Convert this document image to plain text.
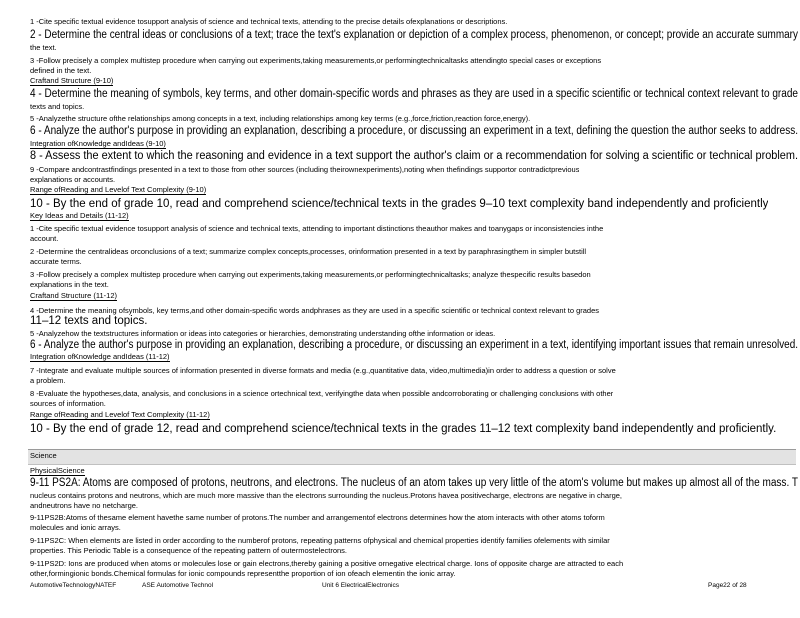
1 -Cite specific textual evidence tosupport analysis of science and technical texts, attending to the precise details ofexplanations or descriptions.
2 - Determine the central ideas or conclusions of a text; trace the text's explanation or depiction of a complex process, phenomenon, or concept; provide an accurate summary
the text.
3 -Follow precisely a complex multistep procedure when carrying out experiments,taking measurements,or performingtechnicaltasks attendingto special cases or exceptions
defined in the text.
Craftand Structure (9-10)
4 - Determine the meaning of symbols, key terms, and other domain-specific words and phrases as they are used in a specific scientific or technical context relevant to grade
texts and topics.
5 -Analyzethe structure ofthe relationships among concepts in a text, including relationships among key terms (e.g.,force,friction,reaction force,energy).
6 - Analyze the author's purpose in providing an explanation, describing a procedure, or discussing an experiment in a text, defining the question the author seeks to address.
Integration ofKnowledge andIdeas (9-10)
8 - Assess the extent to which the reasoning and evidence in a text support the author's claim or a recommendation for solving a scientific or technical problem.
9 -Compare andcontrastfindings presented in a text to those from other sources (including theirownexperiments),noting when thefindings supportor contradictprevious
explanations or accounts.
Range ofReading and Levelof Text Complexity (9-10)
10 - By the end of grade 10, read and comprehend science/technical texts in the grades 9–10 text complexity band independently and proficiently
Key Ideas and Details (11-12)
1 -Cite specific textual evidence tosupport analysis of science and technical texts, attending to important distinctions theauthor makes and toanygaps or inconsistencies inthe
account.
2 -Determine the centralideas orconclusions of a text; summarize complex concepts,processes, orinformation presented in a text by paraphrasingthem in simpler butstill
accurate terms.
3 -Follow precisely a complex multistep procedure when carrying out experiments,taking measurements,or performingtechnicaltasks; analyze thespecific results basedon
explanations in the text.
Craftand Structure (11-12)
4 -Determine the meaning ofsymbols, key terms,and other domain-specific words andphrases as they are used in a specific scientific or technical context relevant to grades
11–12 texts and topics.
5 -Analyzehow the textstructures information or ideas into categories or hierarchies, demonstrating understanding ofthe information or ideas.
6 - Analyze the author's purpose in providing an explanation, describing a procedure, or discussing an experiment in a text, identifying important issues that remain unresolved.
Integration ofKnowledge andIdeas (11-12)
7 -Integrate and evaluate multiple sources of information presented in diverse formats and media (e.g.,quantitative data, video,multimedia)in order to address a question or solve
a problem.
8 -Evaluate the hypotheses,data, analysis, and conclusions in a science ortechnical text, verifyingthe data when possible andcorroborating or challenging conclusions with other
sources of information.
Range ofReading and Levelof Text Complexity (11-12)
10 - By the end of grade 12, read and comprehend science/technical texts in the grades 11–12 text complexity band independently and proficiently.
Science
PhysicalScience
9-11 PS2A: Atoms are composed of protons, neutrons, and electrons. The nucleus of an atom takes up very little of the atom's volume but makes up almost all of the mass. T
nucleus contains protons and neutrons, which are much more massive than the electrons surrounding the nucleus.Protons havea positivecharge, electrons are negative in charge,
andneutrons have no netcharge.
9-11PS2B:Atoms of thesame element havethe same number of protons.The number and arrangementof electrons determines how the atom interacts with other atoms toform
molecules and ionic arrays.
9-11PS2C: When elements are listed in order according to the numberof protons, repeating patterns ofphysical and chemical properties identify families ofelements with similar
properties. This Periodic Table is a consequence of the repeating pattern of outermostelectrons.
9-11PS2D: Ions are produced when atoms or molecules lose or gain electrons,thereby gaining a positive ornegative electrical charge. Ions of opposite charge are attracted to each
other,formingionic bonds.Chemical formulas for ionic compounds representthe proportion of ion ofeach elementin the ionic array.
AutomotiveTechnologyNATEF	ASE Automotive Technol	Unit 6 ElectricalElectronics	Page22 of 28
